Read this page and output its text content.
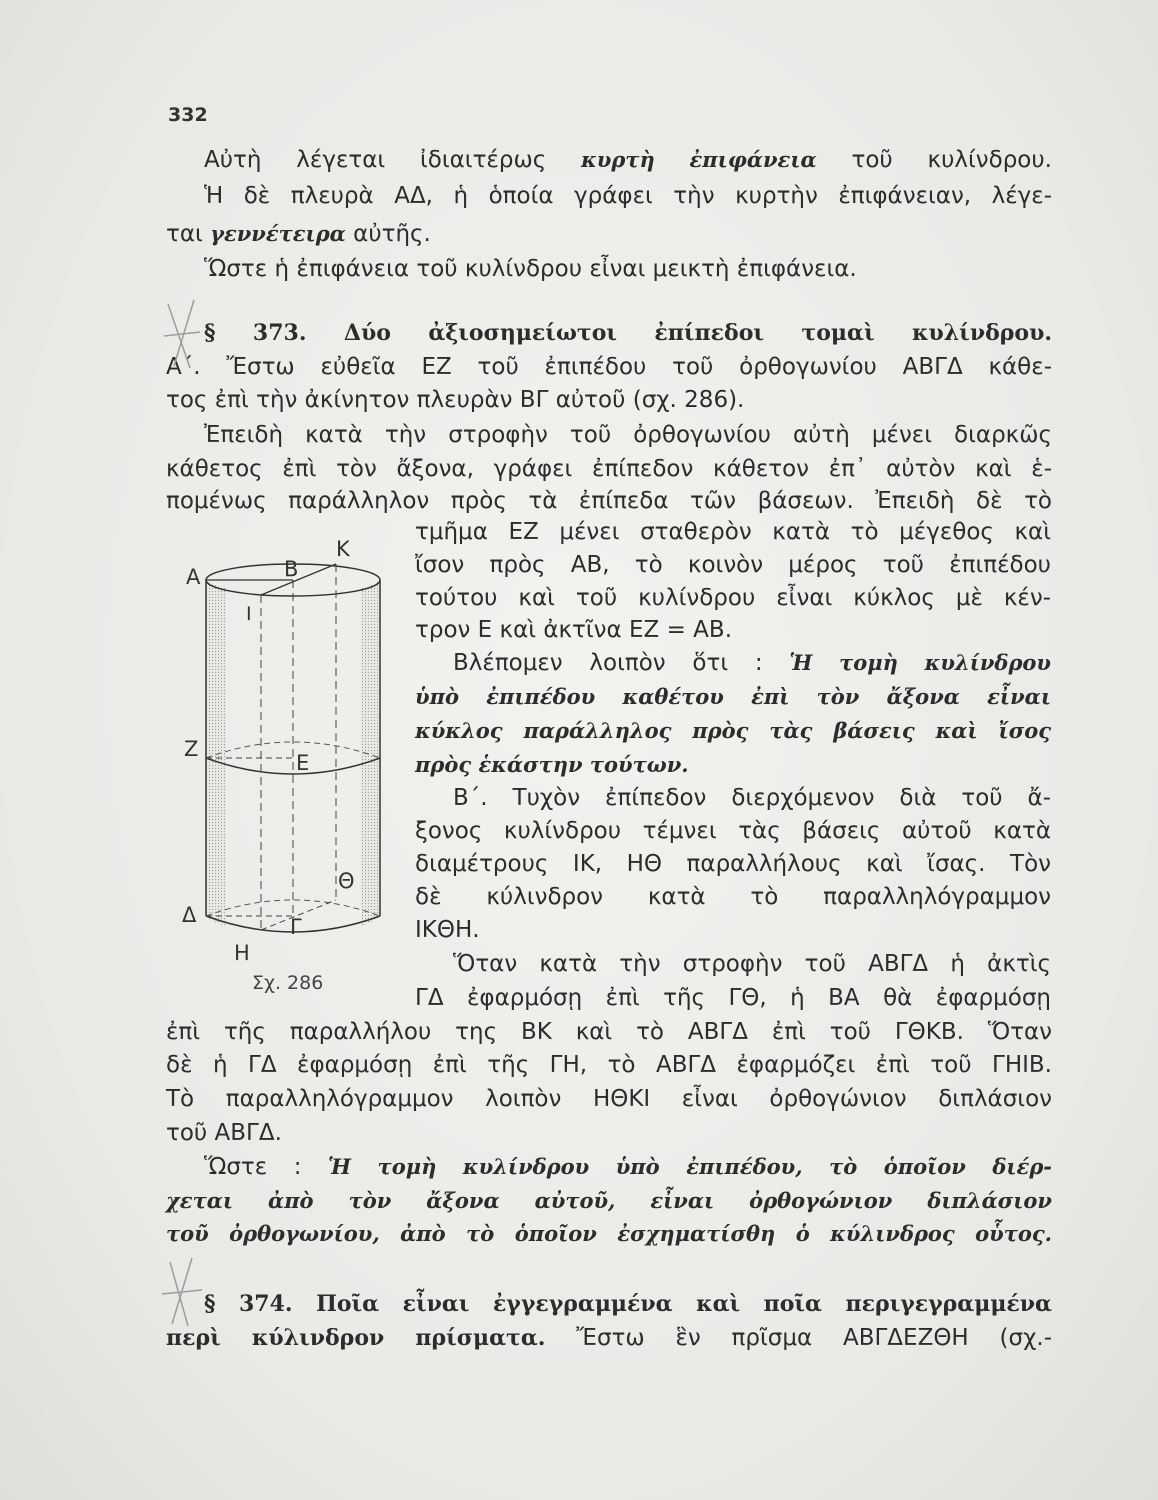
332
Αὐτὴ λέγεται ἰδιαιτέρως κυρτὴ ἐπιφάνεια τοῦ κυλίνδρου.
Ἡ δὲ πλευρὰ ΑΔ, ἡ ὁποία γράφει τὴν κυρτὴν ἐπιφάνειαν, λέγε-
ται γεννέτειρα αὐτῆς.
Ὥστε ἡ ἐπιφάνεια τοῦ κυλίνδρου εἶναι μεικτὴ ἐπιφάνεια.
§ 373. Δύο ἀξιοσημείωτοι ἐπίπεδοι τομαὶ κυλίνδρου.
Α΄. Ἔστω εὐθεῖα ΕΖ τοῦ ἐπιπέδου τοῦ ὀρθογωνίου ΑΒΓΔ κάθε-
τος ἐπὶ τὴν ἀκίνητον πλευρὰν ΒΓ αὐτοῦ (σχ. 286).
Ἐπειδὴ κατὰ τὴν στροφὴν τοῦ ὀρθογωνίου αὐτὴ μένει διαρκῶς
κάθετος ἐπὶ τὸν ἄξονα, γράφει ἐπίπεδον κάθετον ἐπ᾽ αὐτὸν καὶ ἑ-
πομένως παράλληλον πρὸς τὰ ἐπίπεδα τῶν βάσεων. Ἐπειδὴ δὲ τὸ
τμῆμα ΕΖ μένει σταθερὸν κατὰ τὸ μέγεθος καὶ
ἴσον πρὸς ΑΒ, τὸ κοινὸν μέρος τοῦ ἐπιπέδου
τούτου καὶ τοῦ κυλίνδρου εἶναι κύκλος μὲ κέν-
τρον Ε καὶ ἀκτῖνα ΕΖ = ΑΒ.
Βλέπομεν λοιπὸν ὅτι : Ἡ τομὴ κυλίνδρου
ὑπὸ ἐπιπέδου καθέτου ἐπὶ τὸν ἄξονα εἶναι
κύκλος παράλληλος πρὸς τὰς βάσεις καὶ ἴσος
πρὸς ἑκάστην τούτων.
Β΄. Τυχὸν ἐπίπεδον διερχόμενον διὰ τοῦ ἄ-
ξονος κυλίνδρου τέμνει τὰς βάσεις αὐτοῦ κατὰ
διαμέτρους ΙΚ, ΗΘ παραλλήλους καὶ ἴσας. Τὸν
δὲ κύλινδρον κατὰ τὸ παραλληλόγραμμον
ΙΚΘΗ.
Ὅταν κατὰ τὴν στροφὴν τοῦ ΑΒΓΔ ἡ ἀκτὶς
ΓΔ ἐφαρμόσῃ ἐπὶ τῆς ΓΘ, ἡ ΒΑ θὰ ἐφαρμόσῃ
ἐπὶ τῆς παραλλήλου της ΒΚ καὶ τὸ ΑΒΓΔ ἐπὶ τοῦ ΓΘΚΒ. Ὅταν
δὲ ἡ ΓΔ ἐφαρμόσῃ ἐπὶ τῆς ΓΗ, τὸ ΑΒΓΔ ἐφαρμόζει ἐπὶ τοῦ ΓΗΙΒ.
Τὸ παραλληλόγραμμον λοιπὸν ΗΘΚΙ εἶναι ὀρθογώνιον διπλάσιον
τοῦ ΑΒΓΔ.
Ὥστε : Ἡ τομὴ κυλίνδρου ὑπὸ ἐπιπέδου, τὸ ὁποῖον διέρ-
χεται ἀπὸ τὸν ἄξονα αὐτοῦ, εἶναι ὀρθογώνιον διπλάσιον
τοῦ ὀρθογωνίου, ἀπὸ τὸ ὁποῖον ἐσχηματίσθη ὁ κύλινδρος οὗτος.
§ 374. Ποῖα εἶναι ἐγγεγραμμένα καὶ ποῖα περιγεγραμμένα
περὶ κύλινδρον πρίσματα. Ἔστω ἓν πρῖσμα ΑΒΓΔΕΖΘΗ (σχ.-
Α	Β
Κ
Ι
Ζ
Ε
Θ
Δ	Γ
Η
Σχ. 286
